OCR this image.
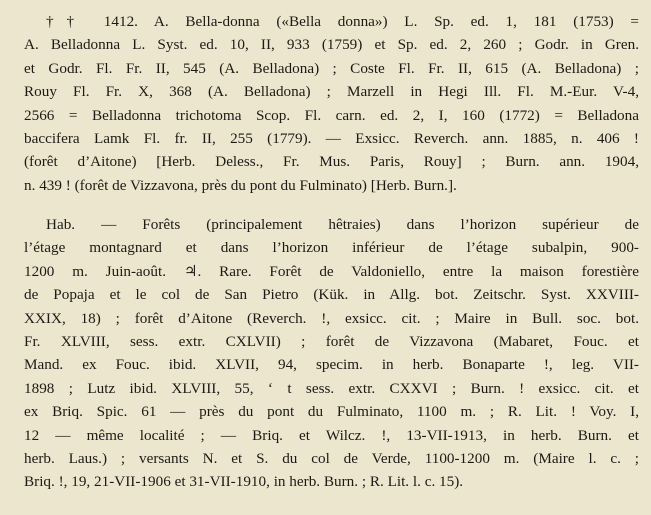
†† 1412. A. Bella-donna («Bella donna») L. Sp. ed. 1, 181 (1753) =
A. Belladonna L. Syst. ed. 10, II, 933 (1759) et Sp. ed. 2, 260 ; Godr. in Gren.
et Godr. Fl. Fr. II, 545 (A. Belladona) ; Coste Fl. Fr. II, 615 (A. Belladona) ;
Rouy Fl. Fr. X, 368 (A. Belladona) ; Marzell in Hegi Ill. Fl. M.-Eur. V-4,
2566 = Belladonna trichotoma Scop. Fl. carn. ed. 2, I, 160 (1772) = Belladona
baccifera Lamk Fl. fr. II, 255 (1779). — Exsicc. Reverch. ann. 1885, n. 406 !
(forêt d’Aitone) [Herb. Deless., Fr. Mus. Paris, Rouy] ; Burn. ann. 1904,
n. 439 ! (forêt de Vizzavona, près du pont du Fulminato) [Herb. Burn.].
Hab. — Forêts (principalement hêtraies) dans l’horizon supérieur de
l’étage montagnard et dans l’horizon inférieur de l’étage subalpin, 900-
1200 m. Juin-août. ♃. Rare. Forêt de Valdoniello, entre la maison forestière
de Popaja et le col de San Pietro (Kük. in Allg. bot. Zeitschr. Syst. XXVIII-
XXIX, 18) ; forêt d’Aitone (Reverch. !, exsicc. cit. ; Maire in Bull. soc. bot.
Fr. XLVIII, sess. extr. CXLVII) ; forêt de Vizzavona (Mabaret, Fouc. et
Mand. ex Fouc. ibid. XLVII, 94, specim. in herb. Bonaparte !, leg. VII-
1898 ; Lutz ibid. XLVIII, 55, ‘ t sess. extr. CXXVI ; Burn. ! exsicc. cit. et
ex Briq. Spic. 61 — près du pont du Fulminato, 1100 m. ; R. Lit. ! Voy. I,
12 — même localité ; — Briq. et Wilcz. !, 13-VII-1913, in herb. Burn. et
herb. Laus.) ; versants N. et S. du col de Verde, 1100-1200 m. (Maire l. c. ;
Briq. !, 19, 21-VII-1906 et 31-VII-1910, in herb. Burn. ; R. Lit. l. c. 15).
